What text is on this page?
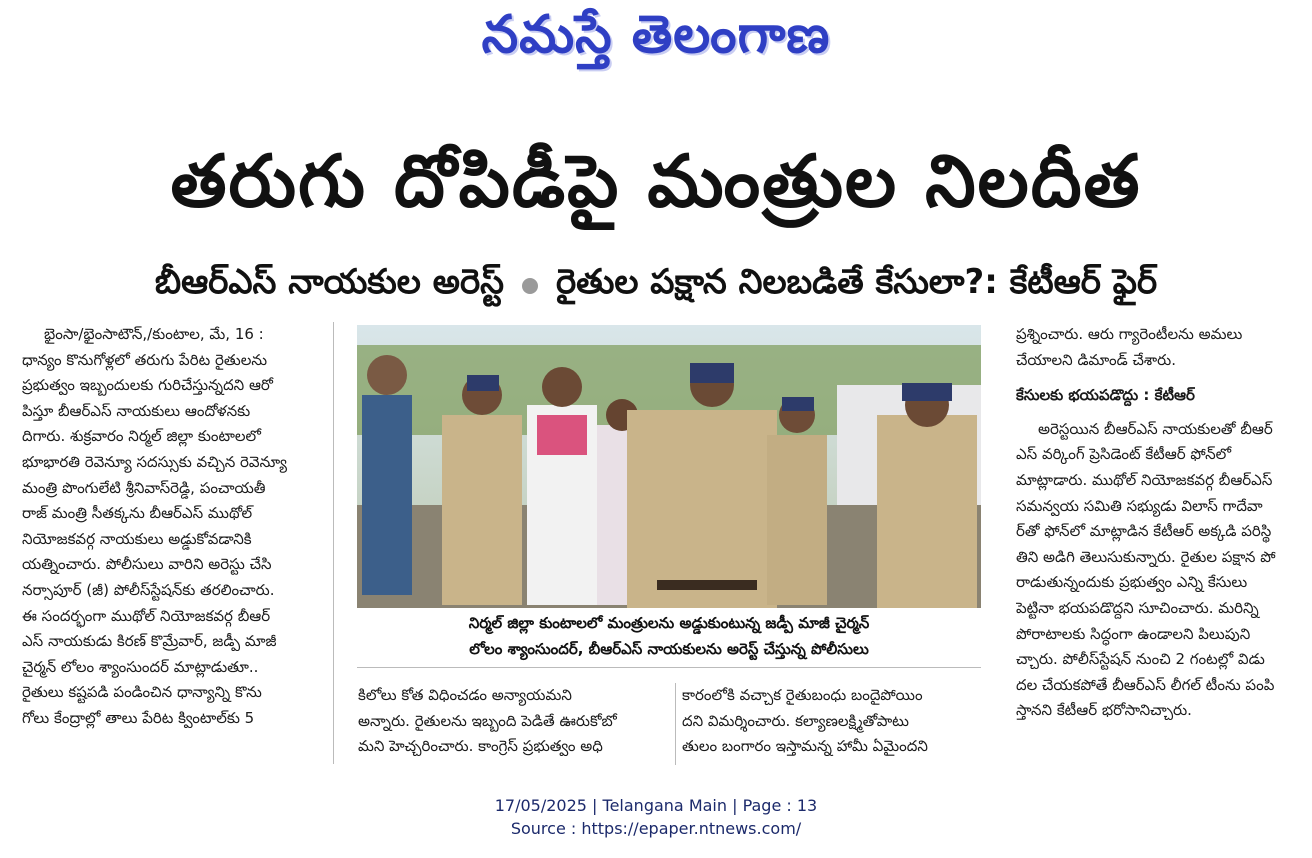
నమస్తే తెలంగాణ
తరుగు దోపిడీపై మంత్రుల నిలదీత
బీఆర్ఎస్ నాయకుల అరెస్ట్ రైతుల పక్షాన నిలబడితే కేసులా?: కేటీఆర్ ఫైర్
భైంసా/భైంసాటౌన్,/కుంటాల, మే, 16 :
ధాన్యం కొనుగోళ్లలో తరుగు పేరిట రైతులను
ప్రభుత్వం ఇబ్బందులకు గురిచేస్తున్నదని ఆరో
పిస్తూ బీఆర్ఎస్ నాయకులు ఆందోళనకు
దిగారు. శుక్రవారం నిర్మల్ జిల్లా కుంటాలలో
భూభారతి రెవెన్యూ సదస్సుకు వచ్చిన రెవెన్యూ
మంత్రి పొంగులేటి శ్రీనివాస్‌రెడ్డి, పంచాయతీ
రాజ్ మంత్రి సీతక్కను బీఆర్ఎస్ ముథోల్
నియోజకవర్గ నాయకులు అడ్డుకోవడానికి
యత్నించారు. పోలీసులు వారిని అరెస్టు చేసి
నర్సాపూర్ (జీ) పోలీస్‌స్టేషన్‌కు తరలించారు.
ఈ సందర్భంగా ముథోల్ నియోజకవర్గ బీఆర్
ఎస్ నాయకుడు కిరణ్ కొమ్రేవార్, జడ్పీ మాజీ
చైర్మన్ లోలం శ్యాంసుందర్ మాట్లాడుతూ..
రైతులు కష్టపడి పండించిన ధాన్యాన్ని కొను
గోలు కేంద్రాల్లో తాలు పేరిట క్వింటాల్‌కు 5
నిర్మల్ జిల్లా కుంటాలలో మంత్రులను అడ్డుకుంటున్న జడ్పీ మాజీ చైర్మన్
లోలం శ్యాంసుందర్, బీఆర్ఎస్ నాయకులను అరెస్ట్ చేస్తున్న పోలీసులు
కిలోలు కోత విధించడం అన్యాయమని
అన్నారు. రైతులను ఇబ్బంది పెడితే ఊరుకోబో
మని హెచ్చరించారు. కాంగ్రెస్ ప్రభుత్వం అధి
కారంలోకి వచ్చాక రైతుబంధు బందైపోయిం
దని విమర్శించారు. కల్యాణలక్ష్మితోపాటు
తులం బంగారం ఇస్తామన్న హామీ ఏమైందని
ప్రశ్నించారు. ఆరు గ్యారెంటీలను అమలు
చేయాలని డిమాండ్ చేశారు.
కేసులకు భయపడొద్దు : కేటీఆర్
అరెస్టయిన బీఆర్ఎస్ నాయకులతో బీఆర్
ఎస్ వర్కింగ్ ప్రెసిడెంట్ కేటీఆర్ ఫోన్‌లో
మాట్లాడారు. ముథోల్ నియోజకవర్గ బీఆర్ఎస్
సమన్వయ సమితి సభ్యుడు విలాస్ గాదేవా
ర్‌తో ఫోన్‌లో మాట్లాడిన కేటీఆర్ అక్కడి పరిస్థి
తిని అడిగి తెలుసుకున్నారు. రైతుల పక్షాన పో
రాడుతున్నందుకు ప్రభుత్వం ఎన్ని కేసులు
పెట్టినా భయపడొద్దని సూచించారు. మరిన్ని
పోరాటాలకు సిద్ధంగా ఉండాలని పిలుపుని
చ్చారు. పోలీస్‌స్టేషన్ నుంచి 2 గంటల్లో విడు
దల చేయకపోతే బీఆర్ఎస్ లీగల్ టీంను పంపి
స్తానని కేటీఆర్ భరోసానిచ్చారు.
17/05/2025 | Telangana Main | Page : 13
Source : https://epaper.ntnews.com/
